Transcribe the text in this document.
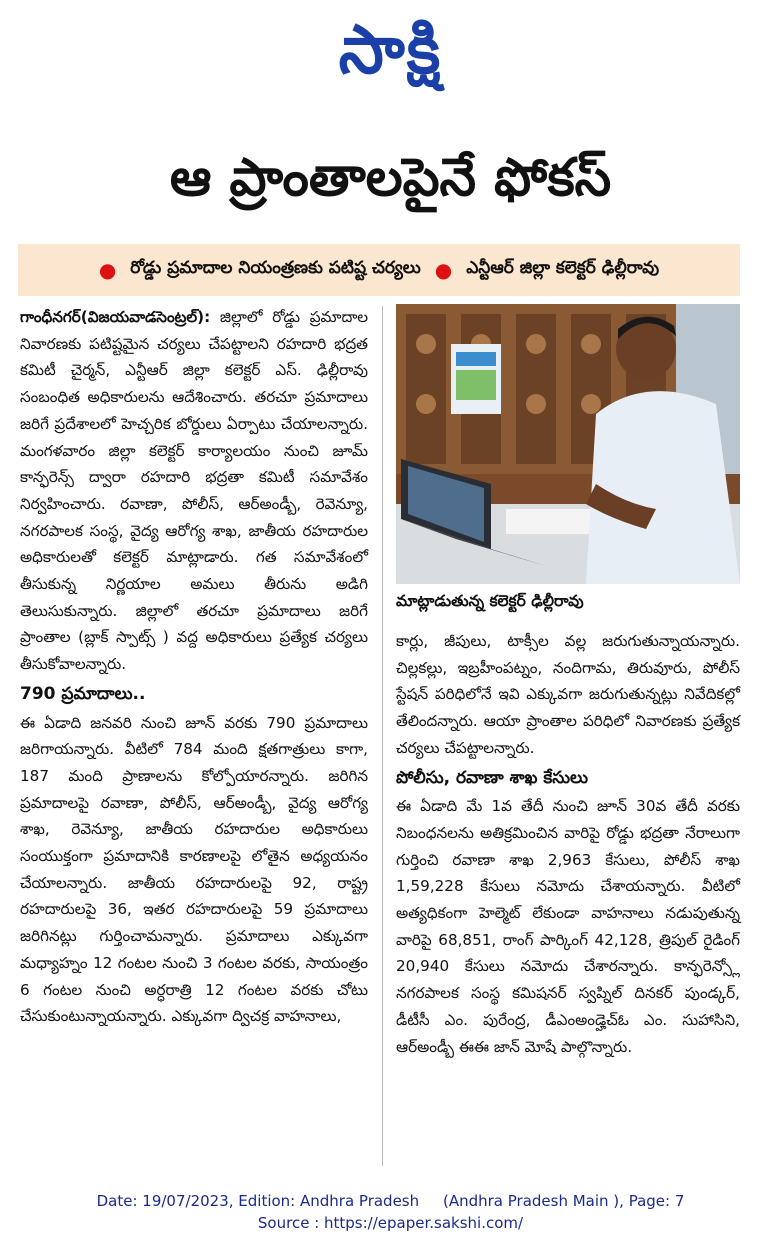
సాక్షి
ఆ ప్రాంతాలపైనే ఫోకస్
● రోడ్డు ప్రమాదాల నియంత్రణకు పటిష్ట చర్యలు ● ఎన్టీఆర్ జిల్లా కలెక్టర్ ఢిల్లీరావు

గాంధీనగర్(విజయవాడసెంట్రల్): జిల్లాలో రోడ్డు ప్రమాదాల నివారణకు పటిష్టమైన చర్యలు చేపట్టాలని రహదారి భద్రత కమిటీ చైర్మన్, ఎన్టీఆర్ జిల్లా కలెక్టర్ ఎస్. ఢిల్లీరావు సంబంధిత అధికారులను ఆదేశించారు. తరచూ ప్రమాదాలు జరిగే ప్రదేశాలలో హెచ్చరిక బోర్డులు ఏర్పాటు చేయాలన్నారు. మంగళవారం జిల్లా కలెక్టర్ కార్యాలయం నుంచి జూమ్ కాన్ఫరెన్స్ ద్వారా రహదారి భద్రతా కమిటీ సమావేశం నిర్వహించారు. రవాణా, పోలీస్, ఆర్అండ్బీ, రెవెన్యూ, నగరపాలక సంస్థ, వైద్య ఆరోగ్య శాఖ, జాతీయ రహదారుల అధికారులతో కలెక్టర్ మాట్లాడారు. గత సమావేశంలో తీసుకున్న నిర్ణయాల అమలు తీరును అడిగి తెలుసుకున్నారు. జిల్లాలో తరచూ ప్రమాదాలు జరిగే ప్రాంతాల (బ్లాక్ స్పాట్స్ ) వద్ద అధికారులు ప్రత్యేక చర్యలు తీసుకోవాలన్నారు.

790 ప్రమాదాలు..

ఈ ఏడాది జనవరి నుంచి జూన్ వరకు 790 ప్రమాదాలు జరిగాయన్నారు. వీటిలో 784 మంది క్షతగాత్రులు కాగా, 187 మంది ప్రాణాలను కోల్పోయారన్నారు. జరిగిన ప్రమాదాలపై రవాణా, పోలీస్, ఆర్అండ్బీ, వైద్య ఆరోగ్య శాఖ, రెవెన్యూ, జాతీయ రహదారుల అధికారులు సంయుక్తంగా ప్రమాదానికి కారణాలపై లోతైన అధ్యయనం చేయాలన్నారు. జాతీయ రహదారులపై 92, రాష్ట్ర రహదారులపై 36, ఇతర రహదారులపై 59 ప్రమాదాలు జరిగినట్లు గుర్తించామన్నారు. ప్రమాదాలు ఎక్కువగా మధ్యాహ్నం 12 గంటల నుంచి 3 గంటల వరకు, సాయంత్రం 6 గంటల నుంచి అర్ధరాత్రి 12 గంటల వరకు చోటు చేసుకుంటున్నాయన్నారు. ఎక్కువగా ద్విచక్ర వాహనాలు,

మాట్లాడుతున్న కలెక్టర్ ఢిల్లీరావు

కార్లు, జీపులు, టాక్సీల వల్ల జరుగుతున్నాయన్నారు. చిల్లకల్లు, ఇబ్రహీంపట్నం, నందిగామ, తిరువూరు, పోలీస్ స్టేషన్ పరిధిలోనే ఇవి ఎక్కువగా జరుగుతున్నట్లు నివేదికల్లో తేలిందన్నారు. ఆయా ప్రాంతాల పరిధిలో నివారణకు ప్రత్యేక చర్యలు చేపట్టాలన్నారు.

పోలీసు, రవాణా శాఖ కేసులు

ఈ ఏడాది మే 1వ తేదీ నుంచి జూన్ 30వ తేదీ వరకు నిబంధనలను అతిక్రమించిన వారిపై రోడ్డు భద్రతా నేరాలుగా గుర్తించి రవాణా శాఖ 2,963 కేసులు, పోలీస్ శాఖ 1,59,228 కేసులు నమోదు చేశాయన్నారు. వీటిలో అత్యధికంగా హెల్మెట్ లేకుండా వాహనాలు నడుపుతున్న వారిపై 68,851, రాంగ్ పార్కింగ్ 42,128, త్రిపుల్ రైడింగ్ 20,940 కేసులు నమోదు చేశారన్నారు. కాన్ఫరెన్స్లో నగరపాలక సంస్థ కమిషనర్ స్వప్నిల్ దినకర్ పుండ్కర్, డీటీసీ ఎం. పురేంద్ర, డీఎంఅండ్హెచ్ఓ ఎం. సుహాసిని, ఆర్అండ్బీ ఈఈ జాన్ మోషే పాల్గొన్నారు.

Date: 19/07/2023, Edition: Andhra Pradesh     (Andhra Pradesh Main ), Page: 7
Source : https://epaper.sakshi.com/
